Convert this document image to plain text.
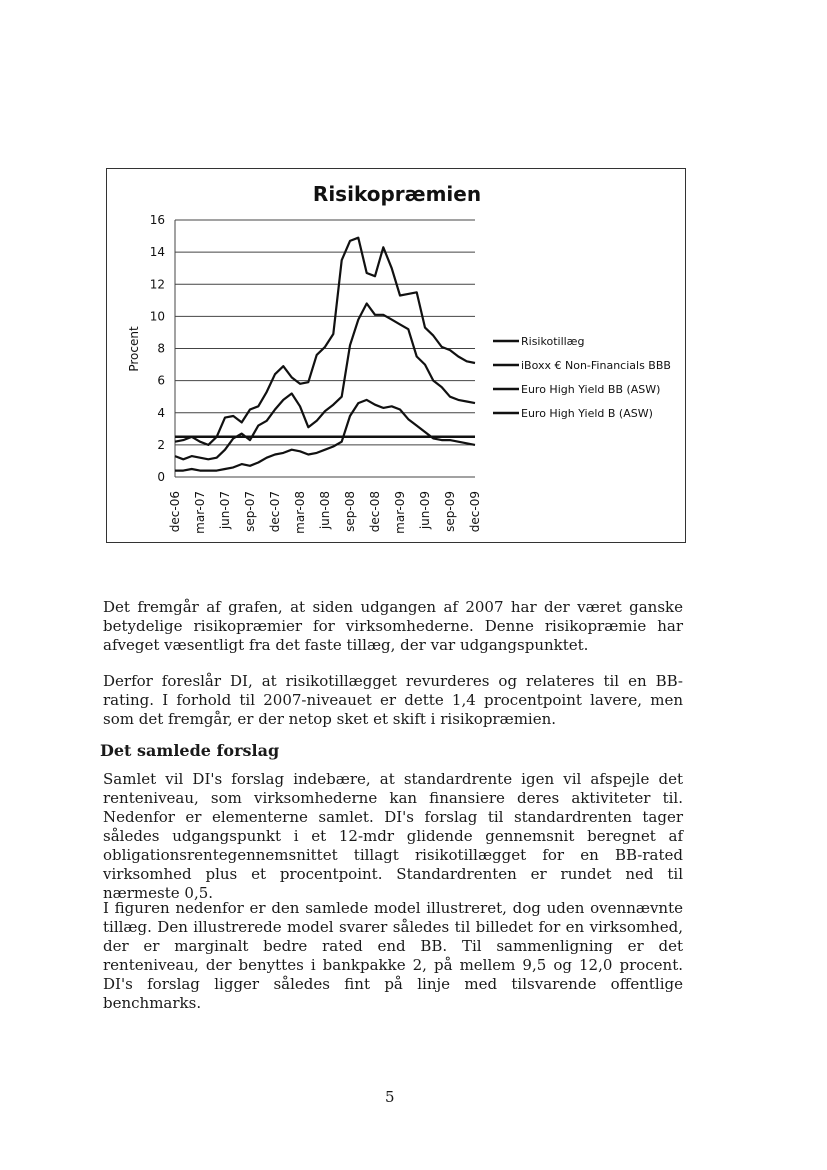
Risikopræmien
Procent
0
2
4
6
8
10
12
14
16
dec-06 mar-07 jun-07 sep-07 dec-07 mar-08 jun-08 sep-08 dec-08 mar-09 jun-09 sep-09 dec-09
Risikotillæg
iBoxx € Non-Financials BBB
Euro High Yield BB (ASW)
Euro High Yield B (ASW)

Det fremgår af grafen, at siden udgangen af 2007 har der været ganske betydelige risikopræmier for virksomhederne. Denne risikopræmie har afveget væsentligt fra det faste tillæg, der var udgangspunktet.

Derfor foreslår DI, at risikotillægget revurderes og relateres til en BB-rating. I forhold til 2007-niveauet er dette 1,4 procentpoint lavere, men som det fremgår, er der netop sket et skift i risikopræmien.

Det samlede forslag

Samlet vil DI's forslag indebære, at standardrente igen vil afspejle det renteniveau, som virksomhederne kan finansiere deres aktiviteter til. Nedenfor er elementerne samlet. DI's forslag til standardrenten tager således udgangspunkt i et 12-mdr glidende gennemsnit beregnet af obligationsrentegennemsnittet tillagt risikotillægget for en BB-rated virksomhed plus et procentpoint. Standardrenten er rundet ned til nærmeste 0,5.

I figuren nedenfor er den samlede model illustreret, dog uden ovennævnte tillæg. Den illustrerede model svarer således til billedet for en virksomhed, der er marginalt bedre rated end BB. Til sammenligning er det renteniveau, der benyttes i bankpakke 2, på mellem 9,5 og 12,0 procent. DI's forslag ligger således fint på linje med tilsvarende offentlige benchmarks.

5
